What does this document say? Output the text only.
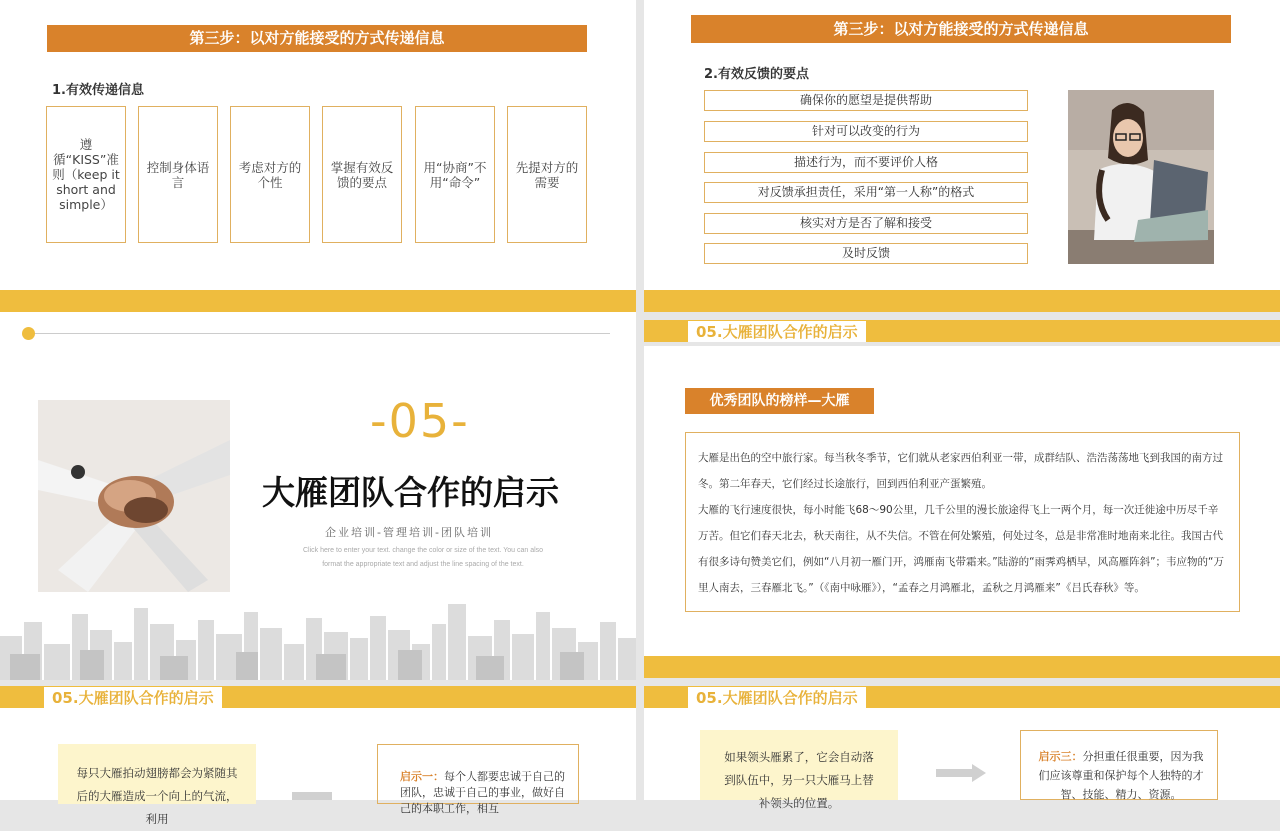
第三步：以对方能接受的方式传递信息
1.有效传递信息
遵循“KISS”准则（keep it short and simple）
控制身体语言
考虑对方的个性
掌握有效反馈的要点
用“协商”不用“命令”
先提对方的需要
第三步：以对方能接受的方式传递信息
2.有效反馈的要点
确保你的愿望是提供帮助
针对可以改变的行为
描述行为，而不要评价人格
对反馈承担责任，采用“第一人称”的格式
核实对方是否了解和接受
及时反馈
-05-
大雁团队合作的启示
企业培训-管理培训-团队培训
Click here to enter your text. change the color or size of the text. You can also format the appropriate text and adjust the line spacing of the text.
05.大雁团队合作的启示
优秀团队的榜样—大雁

大雁是出色的空中旅行家。每当秋冬季节，它们就从老家西伯利亚一带，成群结队、浩浩荡荡地飞到我国的南方过冬。第二年春天，它们经过长途旅行，回到西伯利亚产蛋繁殖。

大雁的飞行速度很快，每小时能飞68～90公里，几千公里的漫长旅途得飞上一两个月，每一次迁徙途中历尽千辛万苦。但它们春天北去，秋天南往，从不失信。不管在何处繁殖，何处过冬，总是非常准时地南来北往。我国古代有很多诗句赞美它们，例如“八月初一雁门开，鸿雁南飞带霜来。”陆游的“雨霁鸡栖早，风高雁阵斜”；韦应物的“万里人南去，三春雁北飞。”（《南中咏雁》），“孟春之月鸿雁北，孟秋之月鸿雁来”《吕氏春秋》等。

05.大雁团队合作的启示
每只大雁拍动翅膀都会为紧随其后的大雁造成一个向上的气流，利用
启示一：每个人都要忠诚于自己的团队，忠诚于自己的事业，做好自己的本职工作，相互
05.大雁团队合作的启示
如果领头雁累了，它会自动落到队伍中，另一只大雁马上替补领头的位置。
启示三：分担重任很重要，因为我们应该尊重和保护每个人独特的才智、技能、精力、资源。
